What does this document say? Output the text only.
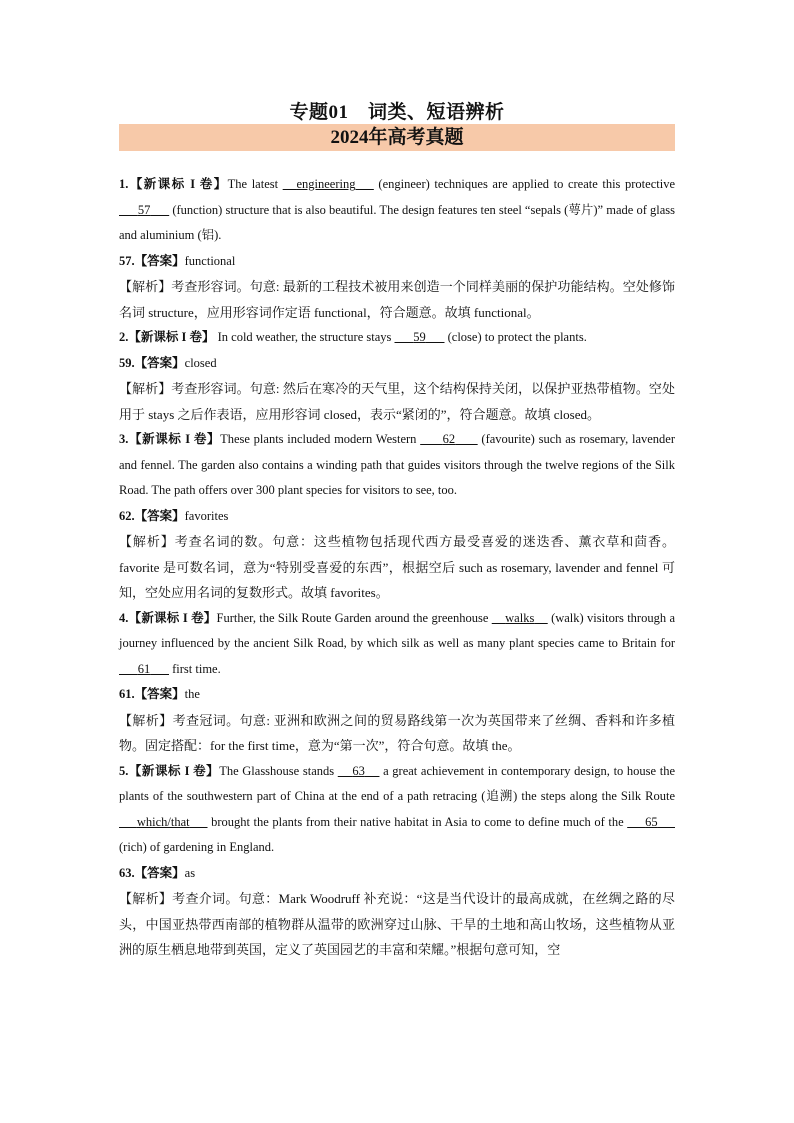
专题01　词类、短语辨析
2024年高考真题

1.【新课标 I 卷】The latest    engineering     (engineer) techniques are applied to create this protective       57       (function) structure that is also beautiful. The design features ten steel “sepals (萼片)” made of glass and aluminium (铝).

57.【答案】functional

【解析】考查形容词。句意: 最新的工程技术被用来创造一个同样美丽的保护功能结构。空处修饰名词 structure，应用形容词作定语 functional，符合题意。故填 functional。

2.【新课标 I 卷】 In cold weather, the structure stays       59       (close) to protect the plants.

59.【答案】closed

【解析】考查形容词。句意: 然后在寒冷的天气里，这个结构保持关闭，以保护亚热带植物。空处用于 stays 之后作表语，应用形容词 closed，表示“紧闭的”，符合题意。故填 closed。

3.【新课标 I 卷】These plants included modern Western       62       (favourite) such as rosemary, lavender and fennel. The garden also contains a winding path that guides visitors through the twelve regions of the Silk Road. The path offers over 300 plant species for visitors to see, too.

62.【答案】favorites

【解析】考查名词的数。句意：这些植物包括现代西方最受喜爱的迷迭香、薰衣草和茴香。favorite 是可数名词，意为“特别受喜爱的东西”，根据空后 such as rosemary, lavender and fennel 可知，空处应用名词的复数形式。故填 favorites。

4.【新课标 I 卷】Further, the Silk Route Garden around the greenhouse     walks     (walk) visitors through a journey influenced by the ancient Silk Road, by which silk as well as many plant species came to Britain for       61       first time.

61.【答案】the

【解析】考查冠词。句意: 亚洲和欧洲之间的贸易路线第一次为英国带来了丝绸、香料和许多植物。固定搭配：for the first time，意为“第一次”，符合句意。故填 the。

5.【新课标 I 卷】The Glasshouse stands     63     a great achievement in contemporary design, to house the plants of the southwestern part of China at the end of a path retracing (追溯) the steps along the Silk Route      which/that      brought the plants from their native habitat in Asia to come to define much of the      65      (rich) of gardening in England.

63.【答案】as

【解析】考查介词。句意：Mark Woodruff 补充说：“这是当代设计的最高成就，在丝绸之路的尽头，中国亚热带西南部的植物群从温带的欧洲穿过山脉、干旱的土地和高山牧场，这些植物从亚洲的原生栖息地带到英国，定义了英国园艺的丰富和荣耀。”根据句意可知，空
